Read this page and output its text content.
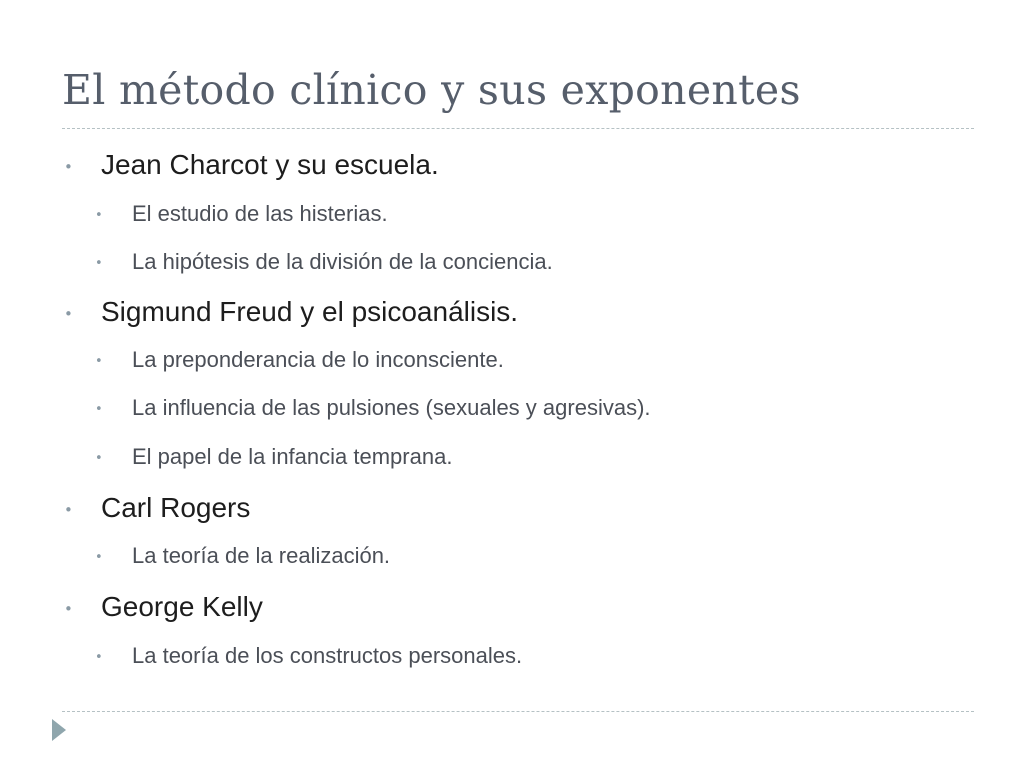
El método clínico y sus exponentes
• Jean Charcot y su escuela.
• El estudio de las histerias.
• La hipótesis de la división de la conciencia.
• Sigmund Freud y el psicoanálisis.
• La preponderancia de lo inconsciente.
• La influencia de las pulsiones (sexuales y agresivas).
• El papel de la infancia temprana.
• Carl Rogers
• La teoría de la realización.
• George Kelly
• La teoría de los constructos personales.
